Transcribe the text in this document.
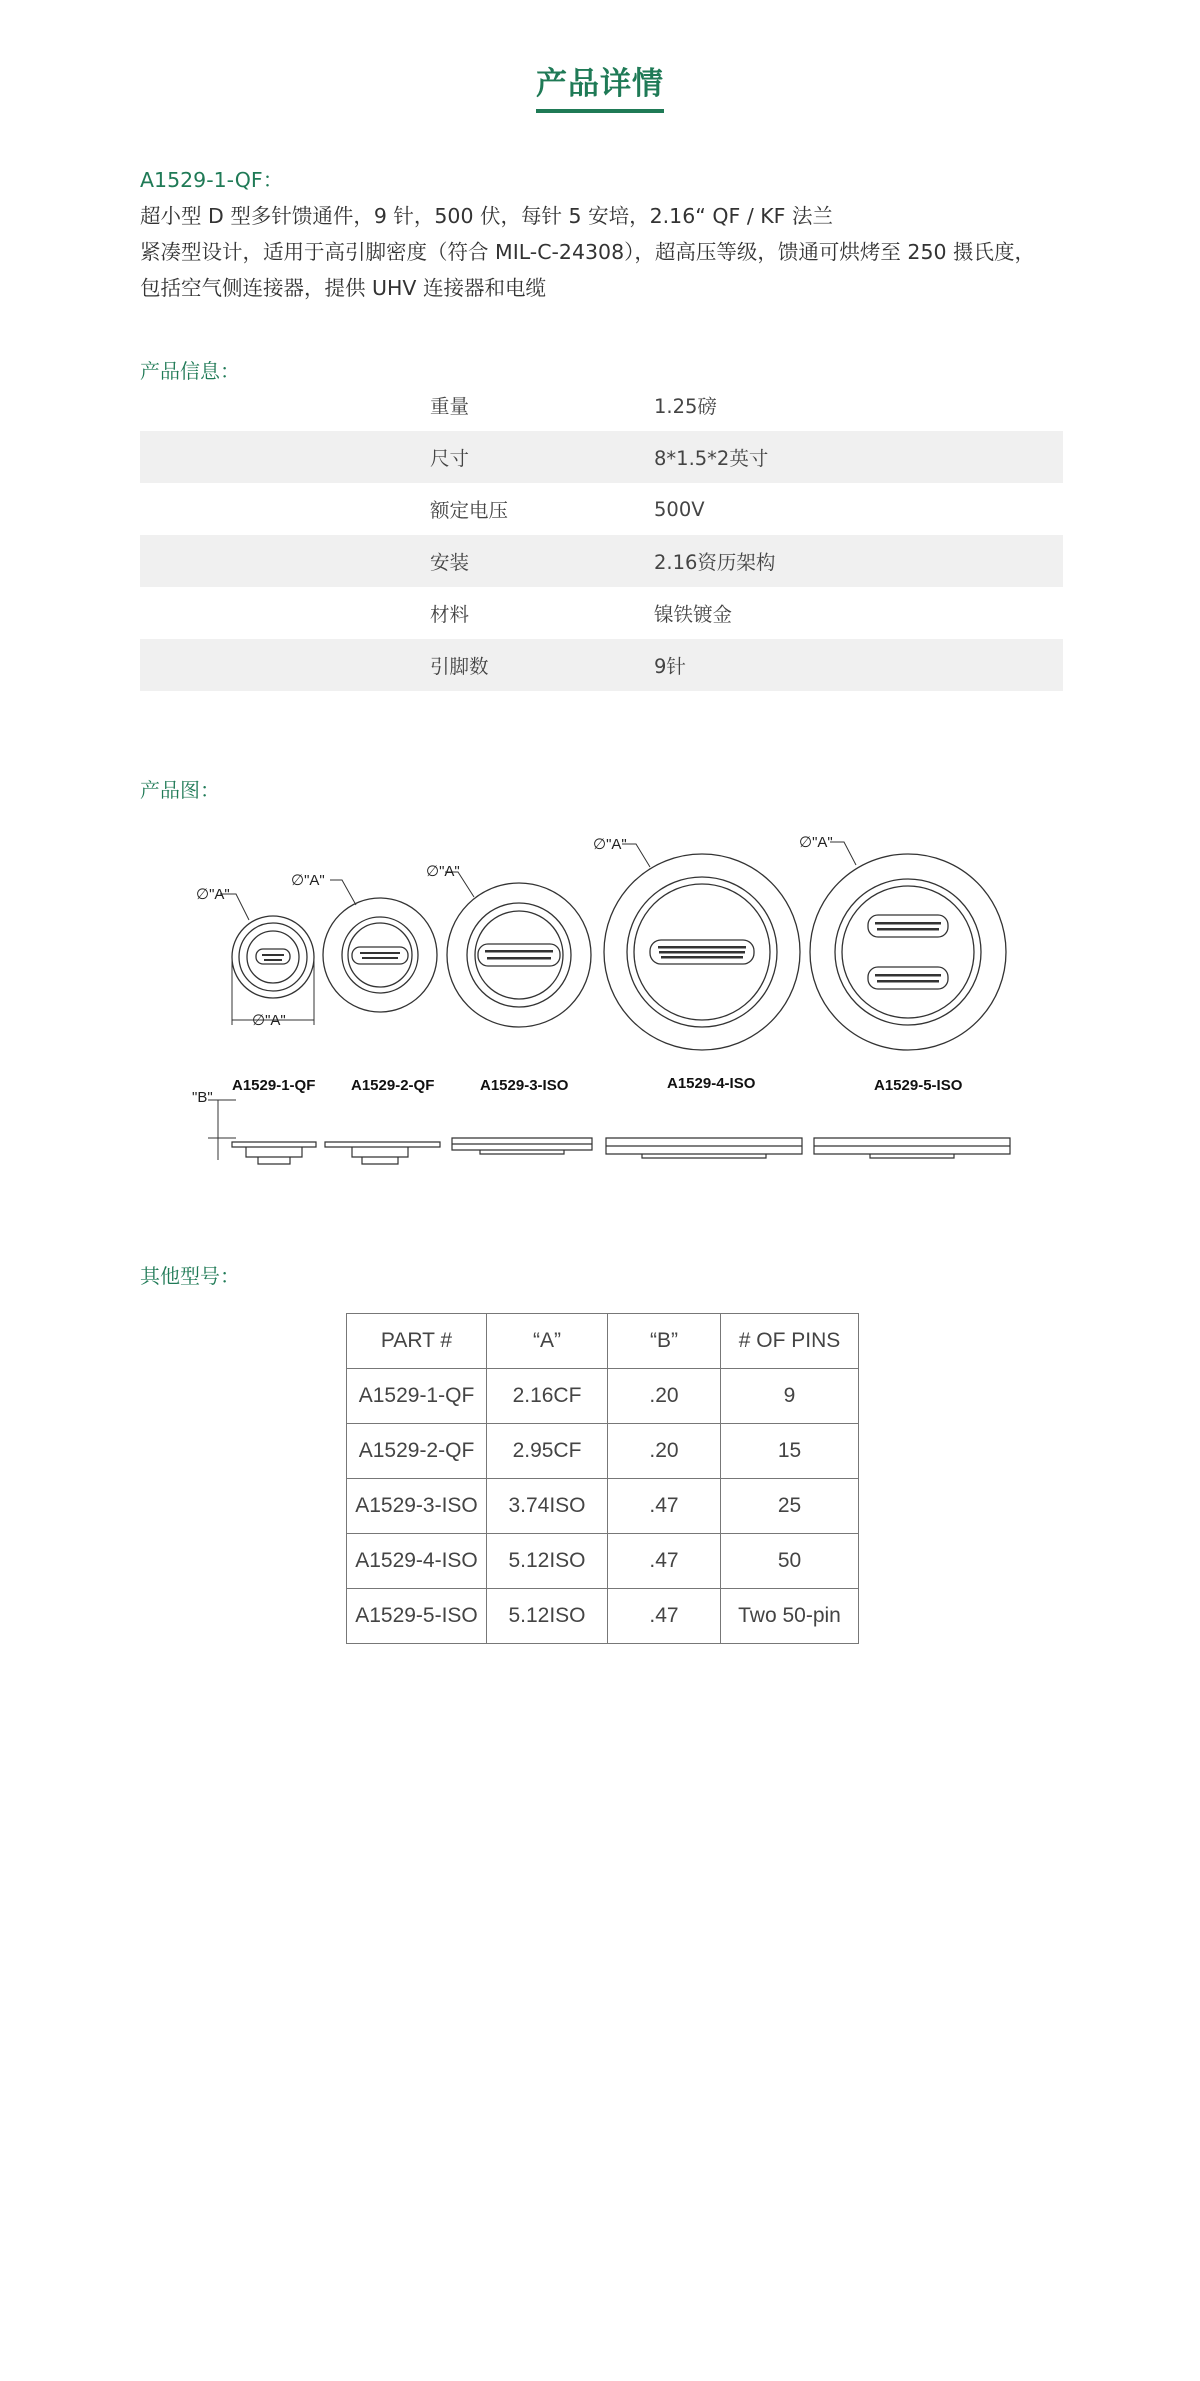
产品详情
A1529-1-QF：
超小型 D 型多针馈通件，9 针，500 伏，每针 5 安培，2.16“ QF / KF 法兰
紧凑型设计，适用于高引脚密度（符合 MIL-C-24308），超高压等级，馈通可烘烤至 250 摄氏度，
包括空气侧连接器，提供 UHV 连接器和电缆
产品信息：
重量	1.25磅
尺寸	8*1.5*2英寸
额定电压	500V
安装	2.16资历架构
材料	镍铁镀金
引脚数	9针
产品图：
∅"A"
∅"A"
∅"A"
∅"A"	∅"A"
∅"A"
"B"
A1529-1-QF A1529-2-QF	A1529-3-ISO	A1529-4-ISO	A1529-5-ISO
其他型号：
PART #	“A”	“B”	# OF PINS
A1529-1-QF	2.16CF	.20	9
A1529-2-QF	2.95CF	.20	15
A1529-3-ISO	3.74ISO	.47	25
A1529-4-ISO	5.12ISO	.47	50
A1529-5-ISO	5.12ISO	.47	Two 50-pin
